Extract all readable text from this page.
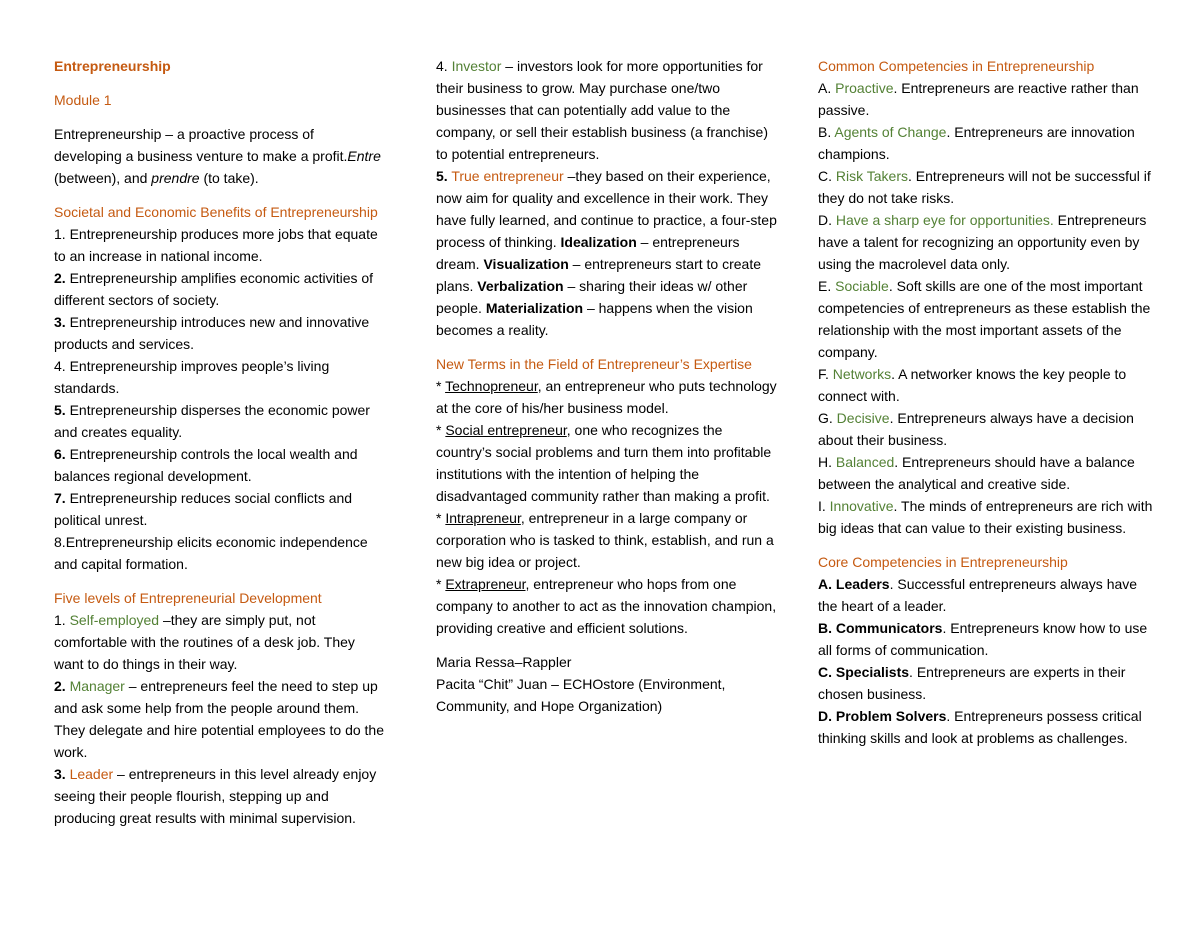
Entrepreneurship

Module 1

Entrepreneurship – a proactive process of developing a business venture to make a profit.Entre (between), and prendre (to take).

Societal and Economic Benefits of Entrepreneurship

1. Entrepreneurship produces more jobs that equate to an increase in national income.

2. Entrepreneurship amplifies economic activities of different sectors of society.

3. Entrepreneurship introduces new and innovative products and services.

4. Entrepreneurship improves people’s living standards.

5. Entrepreneurship disperses the economic power and creates equality.

6. Entrepreneurship controls the local wealth and balances regional development.

7. Entrepreneurship reduces social conflicts and political unrest.

8.Entrepreneurship elicits economic independence and capital formation.

Five levels of Entrepreneurial Development

1. Self-employed –they are simply put, not comfortable with the routines of a desk job. They want to do things in their way.

2. Manager – entrepreneurs feel the need to step up and ask some help from the people around them. They delegate and hire potential employees to do the work.

3. Leader – entrepreneurs in this level already enjoy seeing their people flourish, stepping up and producing great results with minimal supervision.

4. Investor – investors look for more opportunities for their business to grow. May purchase one/two businesses that can potentially add value to the company, or sell their establish business (a franchise) to potential entrepreneurs.

5. True entrepreneur –they based on their experience, now aim for quality and excellence in their work. They have fully learned, and continue to practice, a four-step process of thinking. Idealization – entrepreneurs dream. Visualization – entrepreneurs start to create plans. Verbalization – sharing their ideas w/ other people. Materialization – happens when the vision becomes a reality.

New Terms in the Field of Entrepreneur’s Expertise

* Technopreneur, an entrepreneur who puts technology at the core of his/her business model.

* Social entrepreneur, one who recognizes the country’s social problems and turn them into profitable institutions with the intention of helping the disadvantaged community rather than making a profit.

* Intrapreneur, entrepreneur in a large company or corporation who is tasked to think, establish, and run a new big idea or project.

* Extrapreneur, entrepreneur who hops from one company to another to act as the innovation champion, providing creative and efficient solutions.

Maria Ressa–Rappler

Pacita “Chit” Juan – ECHOstore (Environment, Community, and Hope Organization)

Common Competencies in Entrepreneurship

A. Proactive. Entrepreneurs are reactive rather than passive.

B. Agents of Change. Entrepreneurs are innovation champions.

C. Risk Takers. Entrepreneurs will not be successful if they do not take risks.

D. Have a sharp eye for opportunities. Entrepreneurs have a talent for recognizing an opportunity even by using the macrolevel data only.

E. Sociable. Soft skills are one of the most important competencies of entrepreneurs as these establish the relationship with the most important assets of the company.

F. Networks. A networker knows the key people to connect with.

G. Decisive. Entrepreneurs always have a decision about their business.

H. Balanced. Entrepreneurs should have a balance between the analytical and creative side.

I. Innovative. The minds of entrepreneurs are rich with big ideas that can value to their existing business.

Core Competencies in Entrepreneurship

A. Leaders. Successful entrepreneurs always have the heart of a leader.

B. Communicators. Entrepreneurs know how to use all forms of communication.

C. Specialists. Entrepreneurs are experts in their chosen business.

D. Problem Solvers. Entrepreneurs possess critical thinking skills and look at problems as challenges.
